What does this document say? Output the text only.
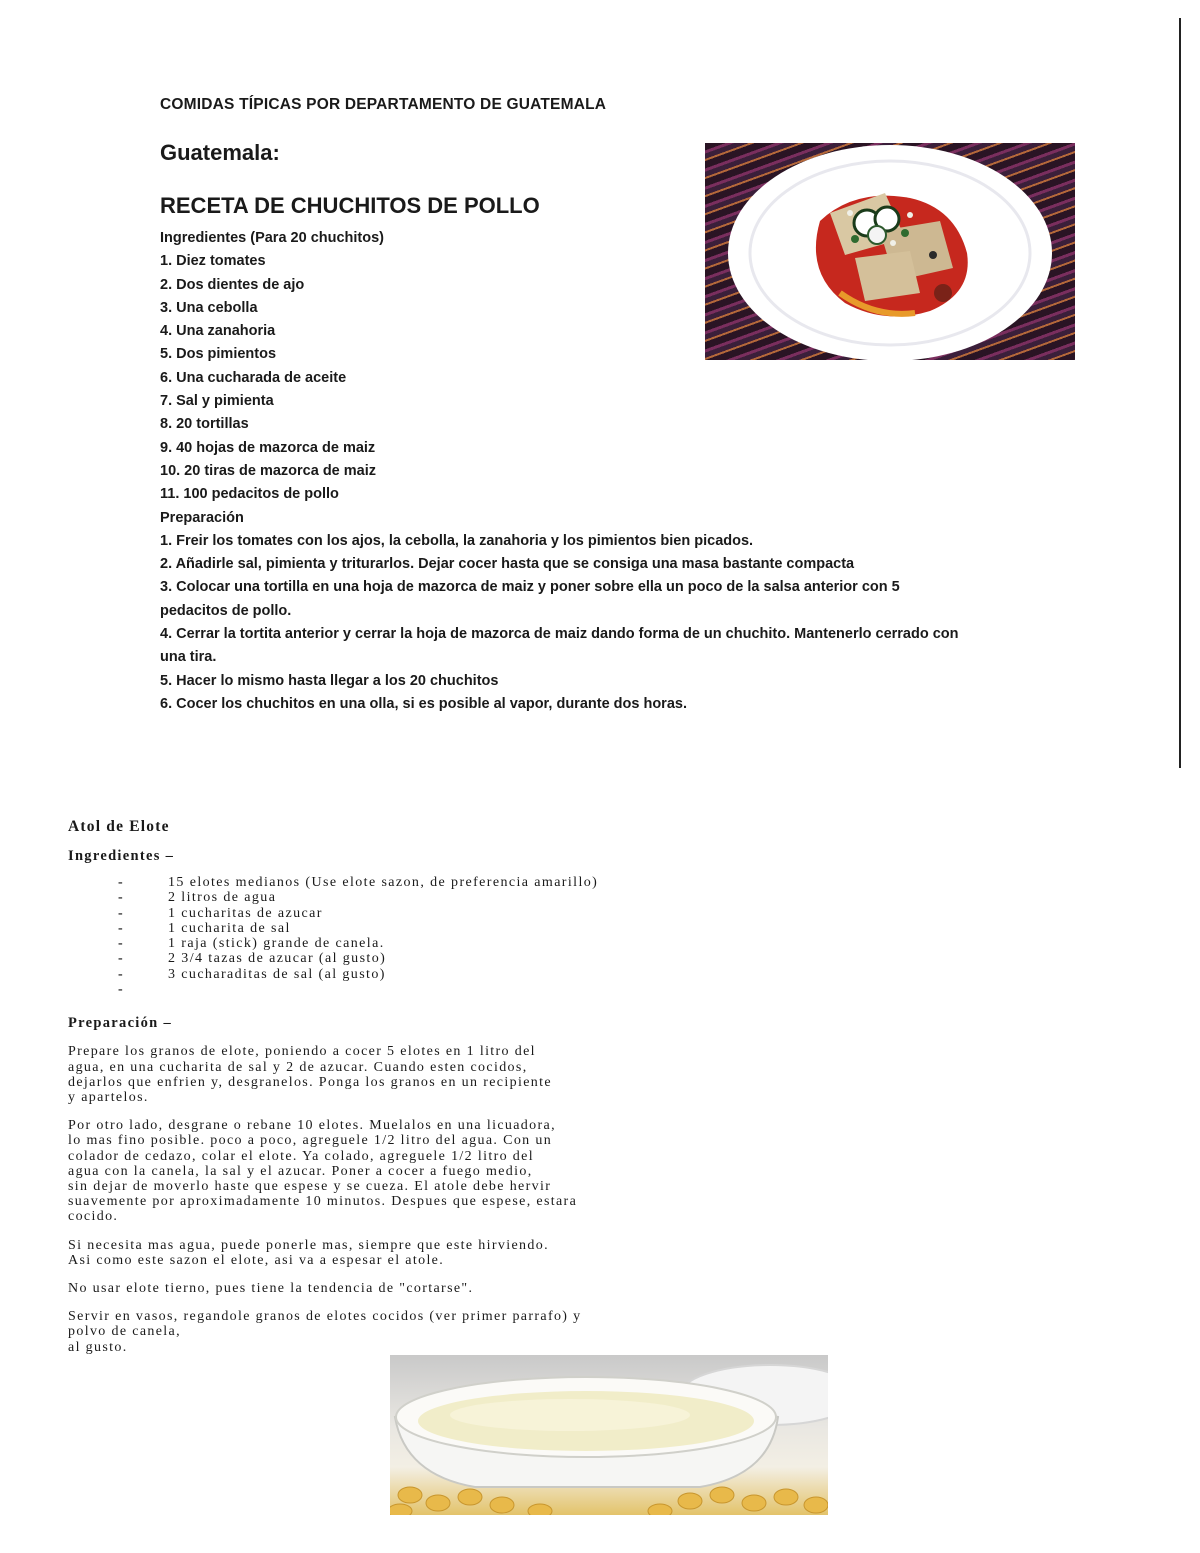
COMIDAS TÍPICAS POR DEPARTAMENTO DE GUATEMALA
Guatemala:
RECETA DE CHUCHITOS DE POLLO
Ingredientes (Para 20 chuchitos)
1. Diez tomates
2. Dos dientes de ajo
3. Una cebolla
4. Una zanahoria
5. Dos pimientos
6. Una cucharada de aceite
7. Sal y pimienta
8. 20 tortillas
9. 40 hojas de mazorca de maiz
10. 20 tiras de mazorca de maiz
11. 100 pedacitos de pollo
Preparación
1. Freir los tomates con los ajos, la cebolla, la zanahoria y los pimientos bien picados.
2. Añadirle sal, pimienta y triturarlos. Dejar cocer hasta que se consiga una masa bastante compacta
3. Colocar una tortilla en una hoja de mazorca de maiz y poner sobre ella un poco de la salsa anterior con 5 pedacitos de pollo.
4. Cerrar la tortita anterior y cerrar la hoja de mazorca de maiz dando forma de un chuchito. Mantenerlo cerrado con una tira.
5. Hacer lo mismo hasta llegar a los 20 chuchitos
6. Cocer los chuchitos en una olla, si es posible al vapor, durante dos horas.
Atol de Elote
Ingredientes –
-	15 elotes medianos (Use elote sazon, de preferencia amarillo)
-	2 litros de agua
-	1 cucharitas de azucar
-	1 cucharita de sal
-	1 raja (stick) grande de canela.
-	2 3/4 tazas de azucar (al gusto)
-	3 cucharaditas de sal (al gusto)
-
Preparación –
Prepare los granos de elote, poniendo a cocer 5 elotes en 1 litro del
agua, en una cucharita de sal y 2 de azucar. Cuando esten cocidos,
dejarlos que enfrien y, desgranelos. Ponga los granos en un recipiente
y apartelos.
Por otro lado, desgrane o rebane 10 elotes. Muelalos en una licuadora,
lo mas fino posible. poco a poco, agreguele 1/2 litro del agua. Con un
colador de cedazo, colar el elote. Ya colado, agreguele 1/2 litro del
agua con la canela, la sal y el azucar. Poner a cocer a fuego medio,
sin dejar de moverlo haste que espese y se cueza. El atole debe hervir
suavemente por aproximadamente 10 minutos. Despues que espese, estara
cocido.
Si necesita mas agua, puede ponerle mas, siempre que este hirviendo.
Asi como este sazon el elote, asi va a espesar el atole.
No usar elote tierno, pues tiene la tendencia de "cortarse".
Servir en vasos, regandole granos de elotes cocidos (ver primer parrafo) y
polvo de canela,
al gusto.
